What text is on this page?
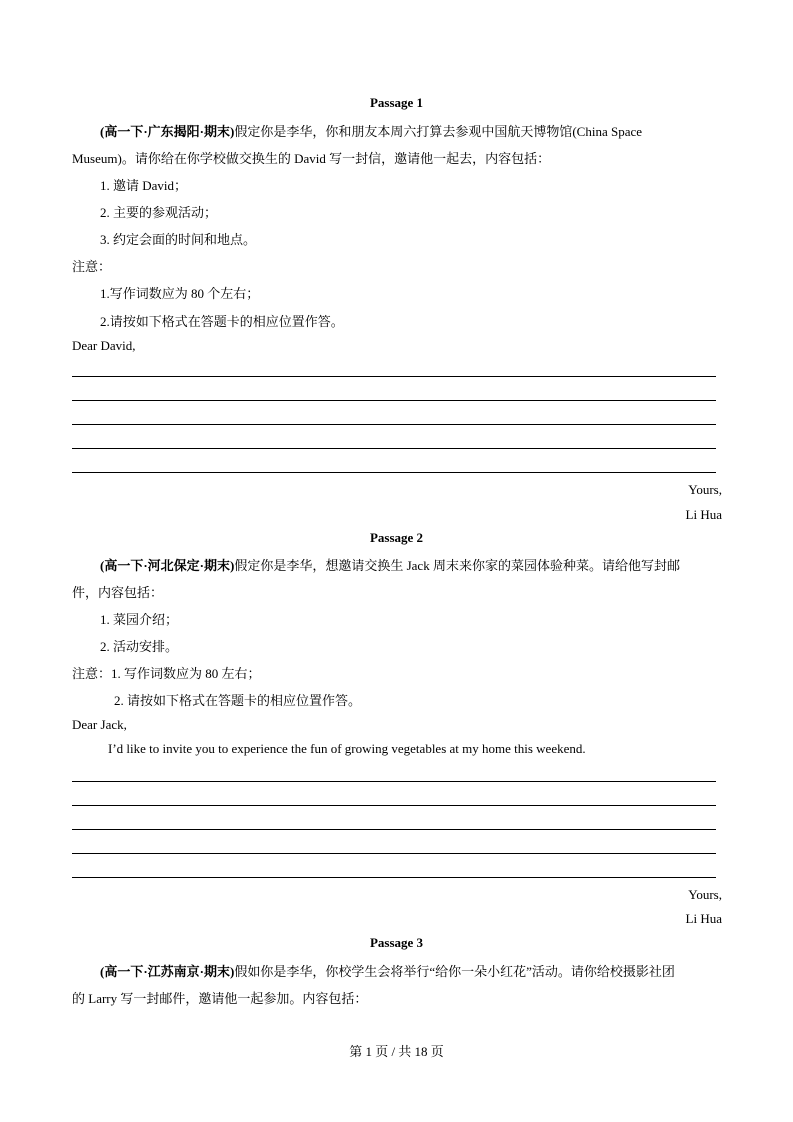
Passage 1
(高一下·广东揭阳·期末)假定你是李华，你和朋友本周六打算去参观中国航天博物馆(China Space
Museum)。请你给在你学校做交换生的 David 写一封信，邀请他一起去，内容包括：
1. 邀请 David；
2. 主要的参观活动；
3. 约定会面的时间和地点。
注意：
1.写作词数应为 80 个左右；
2.请按如下格式在答题卡的相应位置作答。
Dear David,
Yours,
Li Hua
Passage 2
(高一下·河北保定·期末)假定你是李华，想邀请交换生 Jack 周末来你家的菜园体验种菜。请给他写封邮
件，内容包括：
1. 菜园介绍；
2. 活动安排。
注意：1. 写作词数应为 80 左右；
2. 请按如下格式在答题卡的相应位置作答。
Dear Jack,
I’d like to invite you to experience the fun of growing vegetables at my home this weekend.
Yours,
Li Hua
Passage 3
(高一下·江苏南京·期末)假如你是李华，你校学生会将举行“给你一朵小红花”活动。请你给校摄影社团
的 Larry 写一封邮件，邀请他一起参加。内容包括：
第 1 页 / 共 18 页
